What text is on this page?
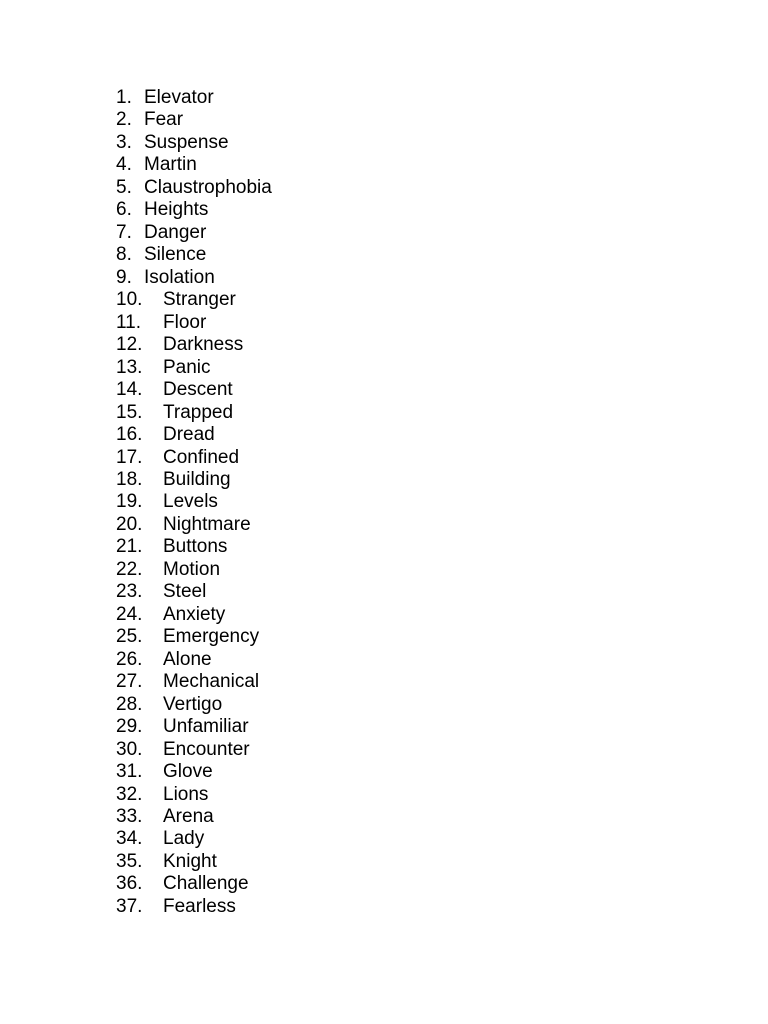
1. Elevator
2. Fear
3. Suspense
4. Martin
5. Claustrophobia
6. Heights
7. Danger
8. Silence
9. Isolation
10.	Stranger
11.	Floor
12.	Darkness
13.	Panic
14.	Descent
15.	Trapped
16.	Dread
17.	Confined
18.	Building
19.	Levels
20.	Nightmare
21.	Buttons
22.	Motion
23.	Steel
24.	Anxiety
25.	Emergency
26.	Alone
27.	Mechanical
28.	Vertigo
29.	Unfamiliar
30.	Encounter
31.	Glove
32.	Lions
33.	Arena
34.	Lady
35.	Knight
36.	Challenge
37.	Fearless
